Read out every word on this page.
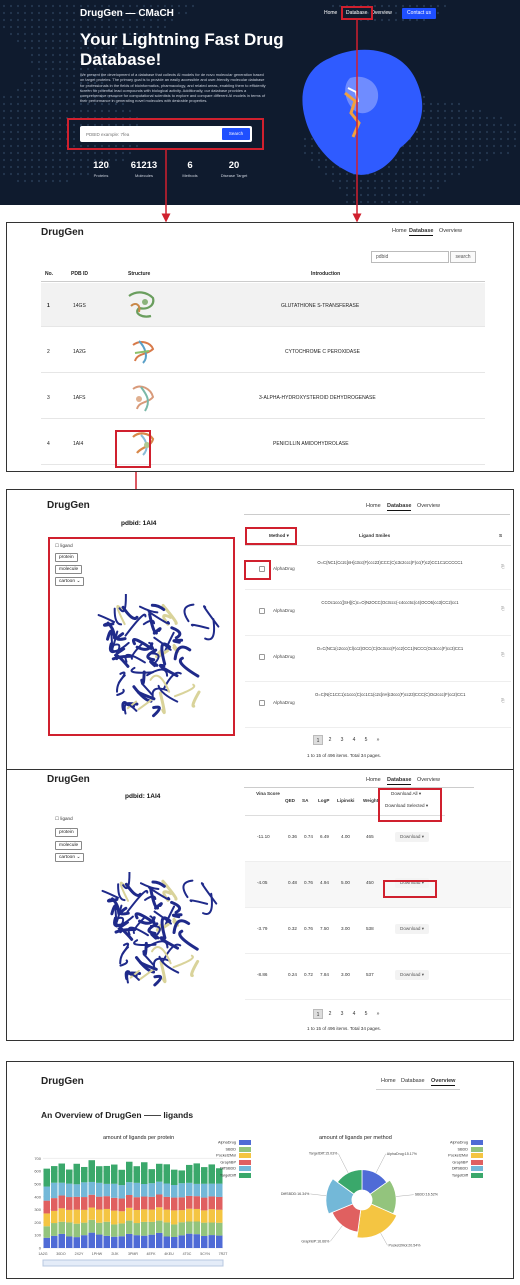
DrugGen — CMaCH	Home Database Overview	Contact us
Your Lightning Fast Drug Database!
We present the development of a database that collects AI models for de novo molecular generation based on target proteins. The primary goal is to provide an easily accessible and user-friendly molecular database for professionals in the fields of bioinformatics, pharmacology, and related areas, enabling them to efficiently screen for potential lead compounds with biological activity. Additionally, our database provides a comprehensive resource for computational scientists to explore and compare different AI models in terms of their performance in generating novel molecules with desirable properties.
PDBID example: 7fea
Search
120
Proteins
61213
Molecules
6
Methods
20
Disease Target
DrugGen	Home Database Overview
pdbid	search
No.	PDB ID	Structure	Introduction
1	14GS	GLUTATHIONE S-TRANSFERASE
2	1A2G	CYTOCHROME C PEROXIDASE
3	1AFS	3-ALPHA-HYDROXYSTEROID DEHYDROGENASE
4	1AI4	PENICILLIN AMIDOHYDROLASE
DrugGen	Home Database Overview
pdbid: 1AI4
☐ ligand
protein
molecule
cartoon ⌄
Method ▾	Ligand Smiles	S
AlphaDrug
O=C(NC1(Cc2c[nH]c3cc(F)ccc23)CCC(C)c3c2ccc(F)cc(F)c2)CC1C1CCCCC1
⎘
AlphaDrug
CCOc1ccc([SH](C)c=O)N2OCC(Oc3ccc(-c4ccc5c(c4)OCO5)cc3)CC2)cc1
⎘
AlphaDrug
O=C(NC1(c2ccc(Cl)cc2)OCC(C(Oc3ccc(F)cc2)CC1)NCCC(Oc3ccc(F)cc3)CC1
⎘
AlphaDrug
O=C(N(C1CC1)c1ccc(C)cc1C1(c2c[nH]c3ccc(F)cc23)CCC(C)Oc2ccc(F)cc2)CC1
⎘
1	2	3	4	5	»
1 to 15 of 496 items. Total 34 pages.
DrugGen	Home Database Overview
pdbid: 1AI4
☐ ligand
protein
molecule
cartoon ⌄
Vina Score
QED SA LogP Lipinski Weight
Download All ▾
Download Selected ▾
-11.10	0.36 0.74 6.49	4.00	465	Download ▾
-4.05	0.48 0.76 4.94	5.00	450	Download ▾
-3.79	0.32 0.76 7.50	3.00	538	Download ▾
-8.86	0.24 0.72 7.84	3.00	537	Download ▾
1	2	3	4	5	»
1 to 15 of 496 items. Total 34 pages.
DrugGen	Home Database Overview
An Overview of DrugGen —— ligands
amount of ligands per protein
0
100
200
300
400
500
600
700
1A2G 30DO 2X2Y 1PHW	2IJK	3PMR 4EFK 4KEU 4T0C 5CYN 7R2T
AlphaDrug
SBDD
Pocket2Mol
GraphBP
DiffSBDD
TargetDiff
amount of ligands per method
AlphaDrug:15.17%
SBDD:16.52%
Pocket2Mol:20.54%
GraphBP:16.66%
DiffSBDD:16.34%
TargetDiff:15.03%
AlphaDrug
SBDD
Pocket2Mol
GraphBP
DiffSBDD
TargetDiff
